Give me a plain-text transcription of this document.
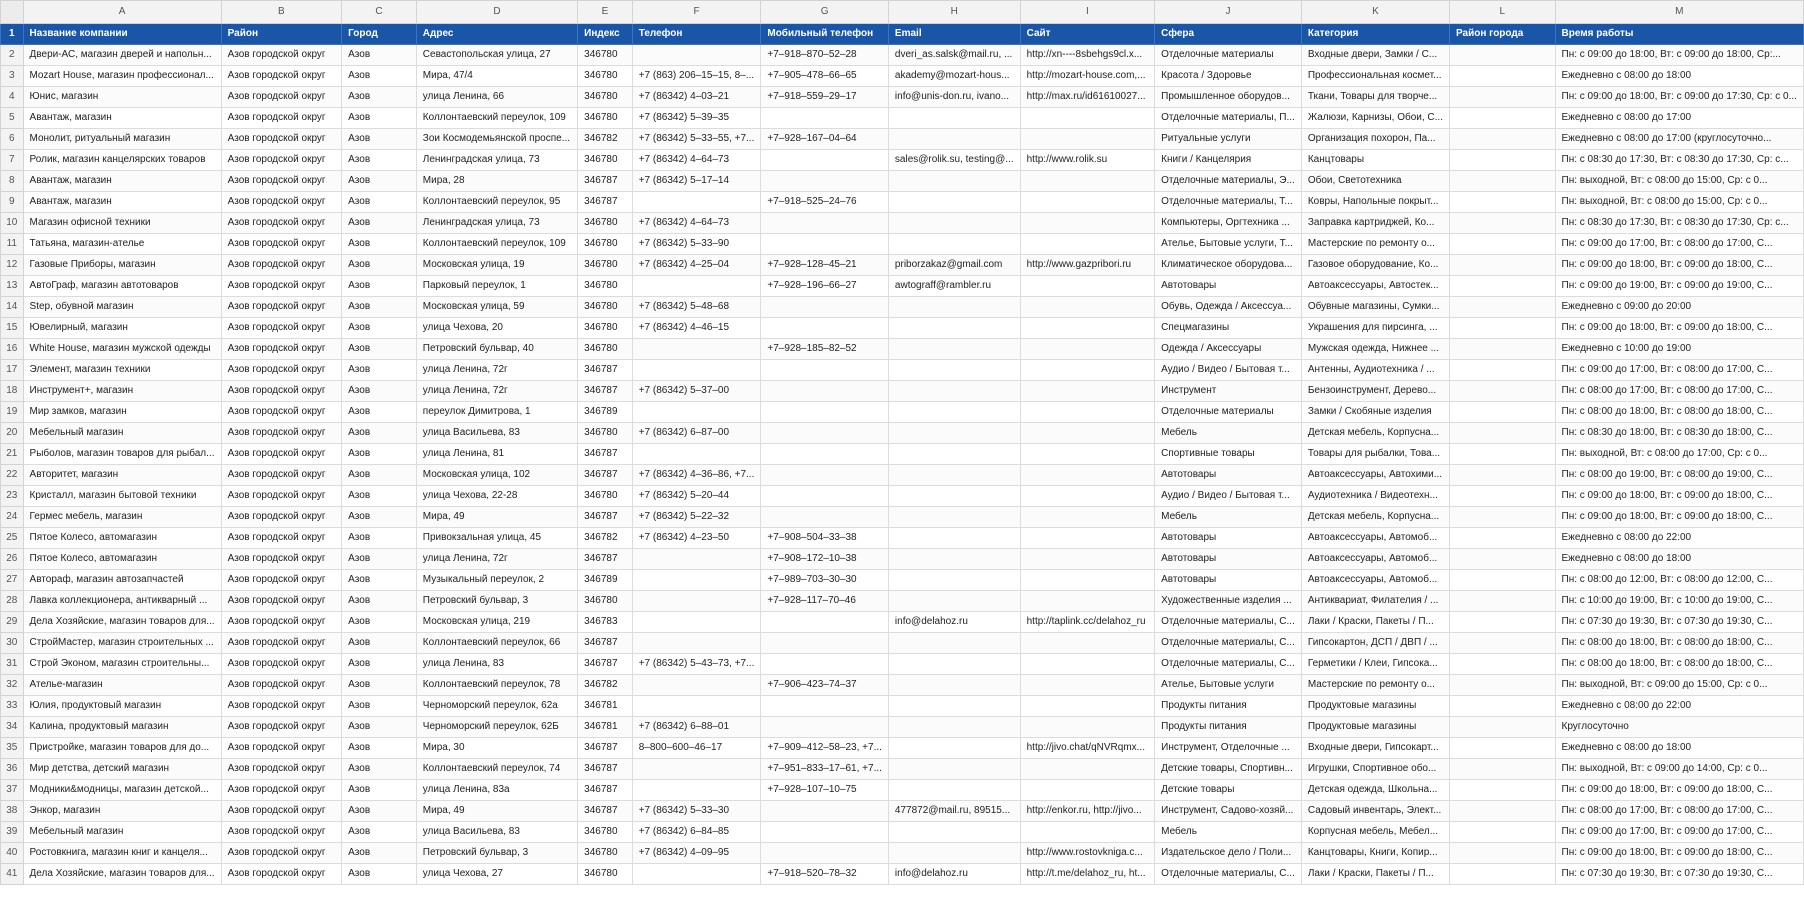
	A	B	C	D	E	F	G	H	I	J	K	L	M
1	Название компании	Район	Город	Адрес	Индекс	Телефон	Мобильный телефон	Email	Сайт	Сфера	Категория	Район города	Время работы
2	Двери-АС, магазин дверей и напольн...	Азов городской округ	Азов	Севастопольская улица, 27	346780		+7‒918‒870‒52‒28	dveri_as.salsk@mail.ru, ...	http://xn----8sbehgs9cl.x...	Отделочные материалы	Входные двери, Замки / С...		Пн: с 09:00 до 18:00, Вт: с 09:00 до 18:00, Ср:...
3	Mozart House, магазин профессионал...	Азов городской округ	Азов	Мира, 47/4	346780	+7 (863) 206‒15‒15, 8‒...	+7‒905‒478‒66‒65	akademy@mozart-hous...	http://mozart-house.com,...	Красота / Здоровье	Профессиональная космет...		Ежедневно с 08:00 до 18:00
4	Юнис, магазин	Азов городской округ	Азов	улица Ленина, 66	346780	+7 (86342) 4‒03‒21	+7‒918‒559‒29‒17	info@unis-don.ru, ivano...	http://max.ru/id61610027...	Промышленное оборудов...	Ткани, Товары для творче...		Пн: с 09:00 до 18:00, Вт: с 09:00 до 17:30, Ср: с 0...
5	Авантаж, магазин	Азов городской округ	Азов	Коллонтаевский переулок, 109	346780	+7 (86342) 5‒39‒35				Отделочные материалы, П...	Жалюзи, Карнизы, Обои, С...		Ежедневно с 08:00 до 17:00
6	Монолит, ритуальный магазин	Азов городской округ	Азов	Зои Космодемьянской проспе...	346782	+7 (86342) 5‒33‒55, +7...	+7‒928‒167‒04‒64			Ритуальные услуги	Организация похорон, Па...		Ежедневно с 08:00 до 17:00 (круглосуточно...
7	Ролик, магазин канцелярских товаров	Азов городской округ	Азов	Ленинградская улица, 73	346780	+7 (86342) 4‒64‒73		sales@rolik.su, testing@...	http://www.rolik.su	Книги / Канцелярия	Канцтовары		Пн: с 08:30 до 17:30, Вт: с 08:30 до 17:30, Ср: с...
8	Авантаж, магазин	Азов городской округ	Азов	Мира, 28	346787	+7 (86342) 5‒17‒14				Отделочные материалы, Э...	Обои, Светотехника		Пн: выходной, Вт: с 08:00 до 15:00, Ср: с 0...
9	Авантаж, магазин	Азов городской округ	Азов	Коллонтаевский переулок, 95	346787		+7‒918‒525‒24‒76			Отделочные материалы, Т...	Ковры, Напольные покрыт...		Пн: выходной, Вт: с 08:00 до 15:00, Ср: с 0...
10	Магазин офисной техники	Азов городской округ	Азов	Ленинградская улица, 73	346780	+7 (86342) 4‒64‒73				Компьютеры, Оргтехника ...	Заправка картриджей, Ко...		Пн: с 08:30 до 17:30, Вт: с 08:30 до 17:30, Ср: с...
11	Татьяна, магазин-ателье	Азов городской округ	Азов	Коллонтаевский переулок, 109	346780	+7 (86342) 5‒33‒90				Ателье, Бытовые услуги, Т...	Мастерские по ремонту о...		Пн: с 09:00 до 17:00, Вт: с 08:00 до 17:00, С...
12	Газовые Приборы, магазин	Азов городской округ	Азов	Московская улица, 19	346780	+7 (86342) 4‒25‒04	+7‒928‒128‒45‒21	priborzakaz@gmail.com	http://www.gazpribori.ru	Климатическое оборудова...	Газовое оборудование, Ко...		Пн: с 09:00 до 18:00, Вт: с 09:00 до 18:00, С...
13	АвтоГраф, магазин автотоваров	Азов городской округ	Азов	Парковый переулок, 1	346780		+7‒928‒196‒66‒27	awtograff@rambler.ru		Автотовары	Автоаксессуары, Автостек...		Пн: с 09:00 до 19:00, Вт: с 09:00 до 19:00, С...
14	Step, обувной магазин	Азов городской округ	Азов	Московская улица, 59	346780	+7 (86342) 5‒48‒68				Обувь, Одежда / Аксессуа...	Обувные магазины, Сумки...		Ежедневно с 09:00 до 20:00
15	Ювелирный, магазин	Азов городской округ	Азов	улица Чехова, 20	346780	+7 (86342) 4‒46‒15				Спецмагазины	Украшения для пирсинга, ...		Пн: с 09:00 до 18:00, Вт: с 09:00 до 18:00, С...
16	White House, магазин мужской одежды	Азов городской округ	Азов	Петровский бульвар, 40	346780		+7‒928‒185‒82‒52			Одежда / Аксессуары	Мужская одежда, Нижнее ...		Ежедневно с 10:00 до 19:00
17	Элемент, магазин техники	Азов городской округ	Азов	улица Ленина, 72г	346787					Аудио / Видео / Бытовая т...	Антенны, Аудиотехника / ...		Пн: с 09:00 до 17:00, Вт: с 08:00 до 17:00, С...
18	Инструмент+, магазин	Азов городской округ	Азов	улица Ленина, 72г	346787	+7 (86342) 5‒37‒00				Инструмент	Бензоинструмент, Дерево...		Пн: с 08:00 до 17:00, Вт: с 08:00 до 17:00, С...
19	Мир замков, магазин	Азов городской округ	Азов	переулок Димитрова, 1	346789					Отделочные материалы	Замки / Скобяные изделия		Пн: с 08:00 до 18:00, Вт: с 08:00 до 18:00, С...
20	Мебельный магазин	Азов городской округ	Азов	улица Васильева, 83	346780	+7 (86342) 6‒87‒00				Мебель	Детская мебель, Корпусна...		Пн: с 08:30 до 18:00, Вт: с 08:30 до 18:00, С...
21	Рыболов, магазин товаров для рыбал...	Азов городской округ	Азов	улица Ленина, 81	346787					Спортивные товары	Товары для рыбалки, Това...		Пн: выходной, Вт: с 08:00 до 17:00, Ср: с 0...
22	Авторитет, магазин	Азов городской округ	Азов	Московская улица, 102	346787	+7 (86342) 4‒36‒86, +7...				Автотовары	Автоаксессуары, Автохими...		Пн: с 08:00 до 19:00, Вт: с 08:00 до 19:00, С...
23	Кристалл, магазин бытовой техники	Азов городской округ	Азов	улица Чехова, 22-28	346780	+7 (86342) 5‒20‒44				Аудио / Видео / Бытовая т...	Аудиотехника / Видеотехн...		Пн: с 09:00 до 18:00, Вт: с 09:00 до 18:00, С...
24	Гермес мебель, магазин	Азов городской округ	Азов	Мира, 49	346787	+7 (86342) 5‒22‒32				Мебель	Детская мебель, Корпусна...		Пн: с 09:00 до 18:00, Вт: с 09:00 до 18:00, С...
25	Пятое Колесо, автомагазин	Азов городской округ	Азов	Привокзальная улица, 45	346782	+7 (86342) 4‒23‒50	+7‒908‒504‒33‒38			Автотовары	Автоаксессуары, Автомоб...		Ежедневно с 08:00 до 22:00
26	Пятое Колесо, автомагазин	Азов городской округ	Азов	улица Ленина, 72г	346787		+7‒908‒172‒10‒38			Автотовары	Автоаксессуары, Автомоб...		Ежедневно с 08:00 до 18:00
27	Автораф, магазин автозапчастей	Азов городской округ	Азов	Музыкальный переулок, 2	346789		+7‒989‒703‒30‒30			Автотовары	Автоаксессуары, Автомоб...		Пн: с 08:00 до 12:00, Вт: с 08:00 до 12:00, С...
28	Лавка коллекционера, антикварный ...	Азов городской округ	Азов	Петровский бульвар, 3	346780		+7‒928‒117‒70‒46			Художественные изделия ...	Антиквариат, Филателия / ...		Пн: с 10:00 до 19:00, Вт: с 10:00 до 19:00, С...
29	Дела Хозяйские, магазин товаров для...	Азов городской округ	Азов	Московская улица, 219	346783			info@delahoz.ru	http://taplink.cc/delahoz_ru	Отделочные материалы, С...	Лаки / Краски, Пакеты / П...		Пн: с 07:30 до 19:30, Вт: с 07:30 до 19:30, С...
30	СтройМастер, магазин строительных ...	Азов городской округ	Азов	Коллонтаевский переулок, 66	346787					Отделочные материалы, С...	Гипсокартон, ДСП / ДВП / ...		Пн: с 08:00 до 18:00, Вт: с 08:00 до 18:00, С...
31	Строй Эконом, магазин строительны...	Азов городской округ	Азов	улица Ленина, 83	346787	+7 (86342) 5‒43‒73, +7...				Отделочные материалы, С...	Герметики / Клеи, Гипсока...		Пн: с 08:00 до 18:00, Вт: с 08:00 до 18:00, С...
32	Ателье-магазин	Азов городской округ	Азов	Коллонтаевский переулок, 78	346782		+7‒906‒423‒74‒37			Ателье, Бытовые услуги	Мастерские по ремонту о...		Пн: выходной, Вт: с 09:00 до 15:00, Ср: с 0...
33	Юлия, продуктовый магазин	Азов городской округ	Азов	Черноморский переулок, 62а	346781					Продукты питания	Продуктовые магазины		Ежедневно с 08:00 до 22:00
34	Калина, продуктовый магазин	Азов городской округ	Азов	Черноморский переулок, 62Б	346781	+7 (86342) 6‒88‒01				Продукты питания	Продуктовые магазины		Круглосуточно
35	Пристройке, магазин товаров для до...	Азов городской округ	Азов	Мира, 30	346787	8‒800‒600‒46‒17	+7‒909‒412‒58‒23, +7...		http://jivo.chat/qNVRqmx...	Инструмент, Отделочные ...	Входные двери, Гипсокарт...		Ежедневно с 08:00 до 18:00
36	Мир детства, детский магазин	Азов городской округ	Азов	Коллонтаевский переулок, 74	346787		+7‒951‒833‒17‒61, +7...			Детские товары, Спортивн...	Игрушки, Спортивное обо...		Пн: выходной, Вт: с 09:00 до 14:00, Ср: с 0...
37	Модники&модницы, магазин детской...	Азов городской округ	Азов	улица Ленина, 83а	346787		+7‒928‒107‒10‒75			Детские товары	Детская одежда, Школьна...		Пн: с 09:00 до 18:00, Вт: с 09:00 до 18:00, С...
38	Энкор, магазин	Азов городской округ	Азов	Мира, 49	346787	+7 (86342) 5‒33‒30		477872@mail.ru, 89515...	http://enkor.ru, http://jivo...	Инструмент, Садово-хозяй...	Садовый инвентарь, Элект...		Пн: с 08:00 до 17:00, Вт: с 08:00 до 17:00, С...
39	Мебельный магазин	Азов городской округ	Азов	улица Васильева, 83	346780	+7 (86342) 6‒84‒85				Мебель	Корпусная мебель, Мебел...		Пн: с 09:00 до 17:00, Вт: с 09:00 до 17:00, С...
40	Ростовкнига, магазин книг и канцеля...	Азов городской округ	Азов	Петровский бульвар, 3	346780	+7 (86342) 4‒09‒95			http://www.rostovkniga.c...	Издательское дело / Поли...	Канцтовары, Книги, Копир...		Пн: с 09:00 до 18:00, Вт: с 09:00 до 18:00, С...
41	Дела Хозяйские, магазин товаров для...	Азов городской округ	Азов	улица Чехова, 27	346780		+7‒918‒520‒78‒32	info@delahoz.ru	http://t.me/delahoz_ru, ht...	Отделочные материалы, С...	Лаки / Краски, Пакеты / П...		Пн: с 07:30 до 19:30, Вт: с 07:30 до 19:30, С...
